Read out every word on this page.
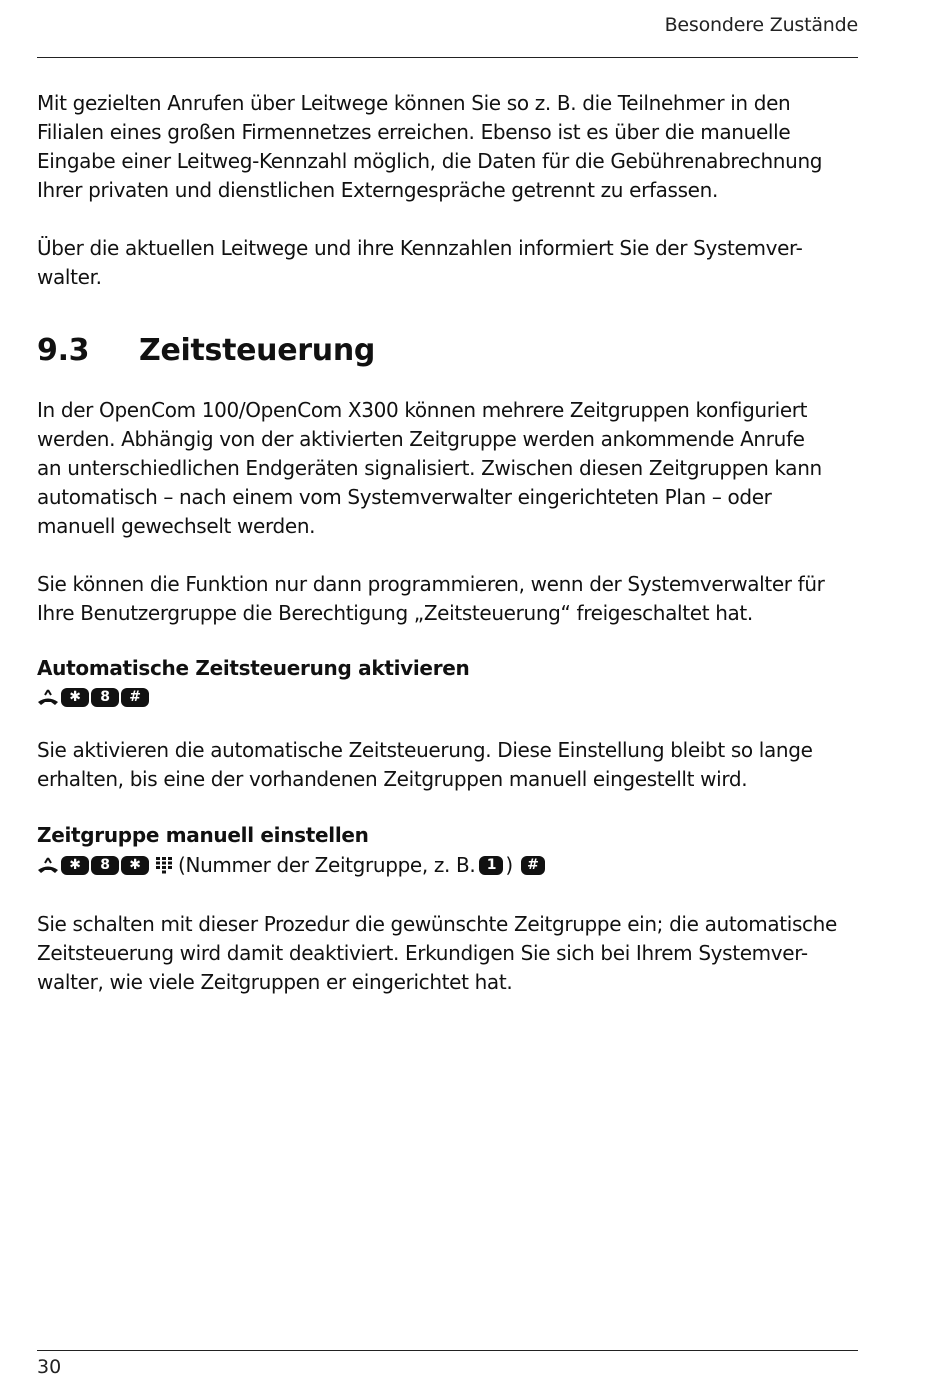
Besondere Zustände

Mit gezielten Anrufen über Leitwege können Sie so z. B. die Teilnehmer in den
Filialen eines großen Firmennetzes erreichen. Ebenso ist es über die manuelle
Eingabe einer Leitweg-Kennzahl möglich, die Daten für die Gebührenabrechnung
Ihrer privaten und dienstlichen Externgespräche getrennt zu erfassen.

Über die aktuellen Leitwege und ihre Kennzahlen informiert Sie der Systemver-
walter.

9.3 Zeitsteuerung

In der OpenCom 100/OpenCom X300 können mehrere Zeitgruppen konfiguriert
werden. Abhängig von der aktivierten Zeitgruppe werden ankommende Anrufe
an unterschiedlichen Endgeräten signalisiert. Zwischen diesen Zeitgruppen kann
automatisch – nach einem vom Systemverwalter eingerichteten Plan – oder
manuell gewechselt werden.

Sie können die Funktion nur dann programmieren, wenn der Systemverwalter für
Ihre Benutzergruppe die Berechtigung „Zeitsteuerung“ freigeschaltet hat.

Automatische Zeitsteuerung aktivieren
✱	8	#

Sie aktivieren die automatische Zeitsteuerung. Diese Einstellung bleibt so lange
erhalten, bis eine der vorhandenen Zeitgruppen manuell eingestellt wird.

Zeitgruppe manuell einstellen
✱	8	✱	(Nummer der Zeitgruppe, z. B. 1 )	#

Sie schalten mit dieser Prozedur die gewünschte Zeitgruppe ein; die automatische
Zeitsteuerung wird damit deaktiviert. Erkundigen Sie sich bei Ihrem Systemver-
walter, wie viele Zeitgruppen er eingerichtet hat.

30
